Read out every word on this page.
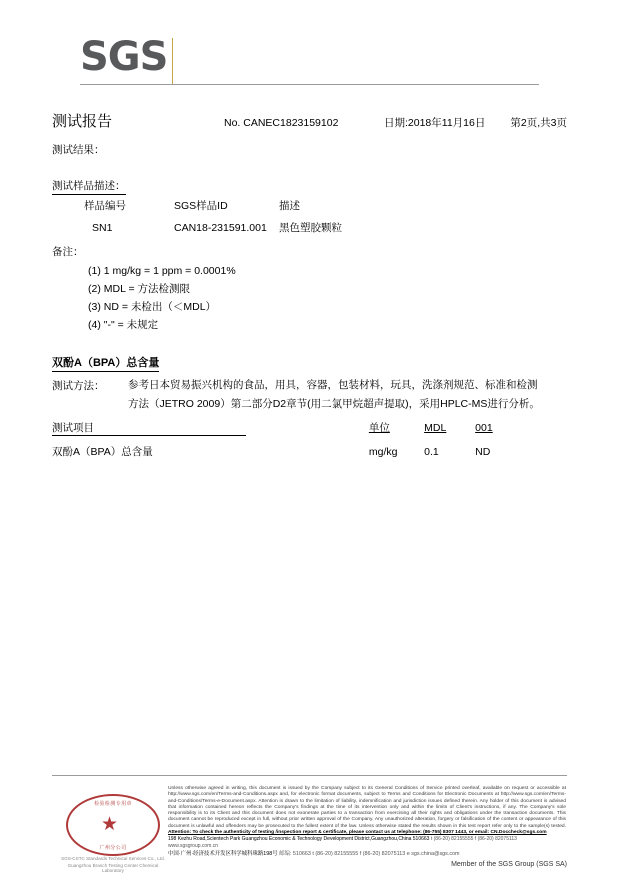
SGS
测试报告	No. CANEC1823159102	日期:2018年11月16日	第2页,共3页
测试结果：
测试样品描述：
样品编号	SGS样品ID	描述
SN1	CAN18-231591.001	黑色塑胶颗粒
备注：
(1) 1 mg/kg = 1 ppm = 0.0001%
(2) MDL = 方法检测限
(3) ND = 未检出（＜MDL）
(4) "-" = 未规定
双酚A（BPA）总含量
测试方法： 参考日本贸易振兴机构的食品，用具，容器，包装材料，玩具，洗涤剂规范、标准和检测方法（JETRO 2009）第二部分D2章节(用二氯甲烷超声提取)，采用HPLC-MS进行分析。
测试项目	单位	MDL	001
双酚A（BPA）总含量	mg/kg	0.1	ND
检验检测专用章
★
广州分公司
SGS-CSTC Standards Technical Services Co., Ltd.
Guangzhou Branch Testing Center Chemical Laboratory
Unless otherwise agreed in writing, this document is issued by the Company subject to its General Conditions of Service printed overleaf, available on request or accessible at http://www.sgs.com/en/Terms-and-Conditions.aspx and, for electronic format documents, subject to Terms and Conditions for Electronic Documents at http://www.sgs.com/en/Terms-and-Conditions/Terms-e-Document.aspx. Attention is drawn to the limitation of liability, indemnification and jurisdiction issues defined therein. Any holder of this document is advised that information contained hereon reflects the Company's findings at the time of its intervention only and within the limits of Client's instructions, if any. The Company's sole responsibility is to its Client and this document does not exonerate parties to a transaction from exercising all their rights and obligations under the transaction documents. This document cannot be reproduced except in full, without prior written approval of the Company. Any unauthorized alteration, forgery or falsification of the content or appearance of this document is unlawful and offenders may be prosecuted to the fullest extent of the law. Unless otherwise stated the results shown in this test report refer only to the sample(s) tested. Attention: To check the authenticity of testing /inspection report & certificate, please contact us at telephone: (86-755) 8307 1443, or email: CN.Doccheck@sgs.com
198 Kezhu Road,Scientech Park Guangzhou Economic & Technology Development District,Guangzhou,China 510663 t (86-20) 82155555 f (86-20) 82075113 www.sgsgroup.com.cn
中国·广州·经济技术开发区科学城科珠路198号 邮编: 510663 t (86-20) 82155555 f (86-20) 82075113 e sgs.china@sgs.com
Member of the SGS Group (SGS SA)
